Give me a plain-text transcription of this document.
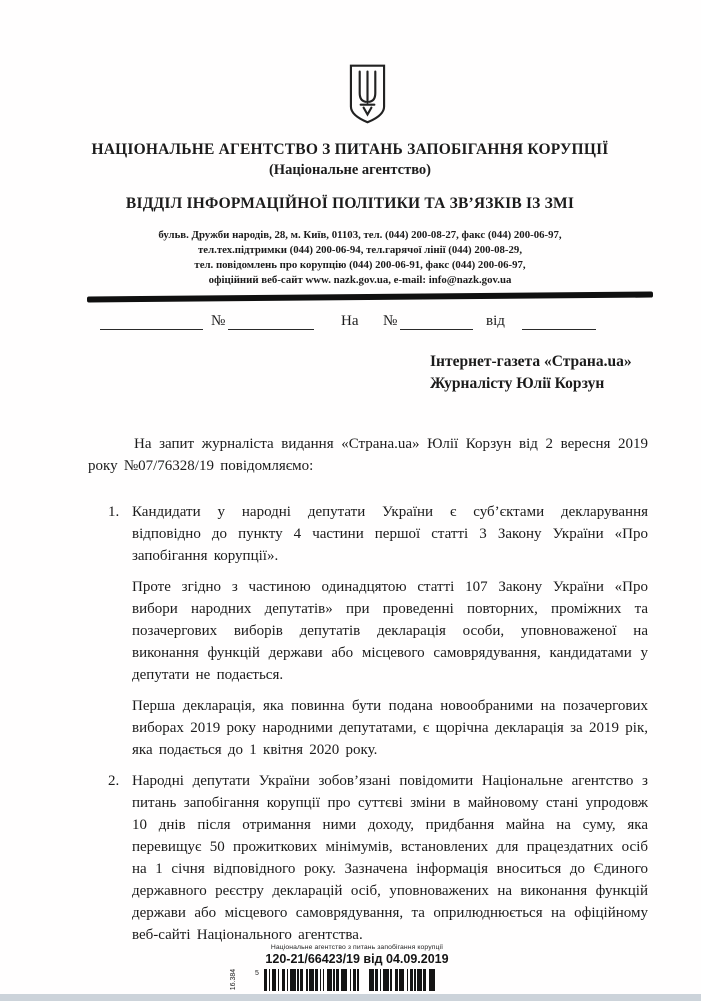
НАЦІОНАЛЬНЕ АГЕНТСТВО З ПИТАНЬ ЗАПОБІГАННЯ КОРУПЦІЇ
(Національне агентство)
ВІДДІЛ ІНФОРМАЦІЙНОЇ ПОЛІТИКИ ТА ЗВ’ЯЗКІВ ІЗ ЗМІ
бульв. Дружби народів, 28, м. Київ, 01103, тел. (044) 200-08-27, факс (044) 200-06-97,
тел.тех.підтримки (044) 200-06-94, тел.гарячої лінії (044) 200-08-29,
тел. повідомлень про корупцію (044) 200-06-91, факс (044) 200-06-97,
офіційний веб-сайт www. nazk.gov.ua, e-mail: info@nazk.gov.ua
№	На №	від
Інтернет-газета «Страна.ua»
Журналісту Юлії Корзун

На запит журналіста видання «Страна.ua» Юлії Корзун від 2 вересня 2019 року №07/76328/19 повідомляємо:

1. Кандидати у народні депутати України є суб’єктами декларування відповідно до пункту 4 частини першої статті 3 Закону України «Про запобігання корупції».

Проте згідно з частиною одинадцятою статті 107 Закону України «Про вибори народних депутатів» при проведенні повторних, проміжних та позачергових виборів депутатів декларація особи, уповноваженої на виконання функцій держави або місцевого самоврядування, кандидатами у депутати не подається.

Перша декларація, яка повинна бути подана новообраними на позачергових виборах 2019 року народними депутатами, є щорічна декларація за 2019 рік, яка подається до 1 квітня 2020 року.

2. Народні депутати України зобов’язані повідомити Національне агентство з питань запобігання корупції про суттєві зміни в майновому стані упродовж 10 днів після отримання ними доходу, придбання майна на суму, яка перевищує 50 прожиткових мінімумів, встановлених для працездатних осіб на 1 січня відповідного року. Зазначена інформація вноситься до Єдиного державного реєстру декларацій осіб, уповноважених на виконання функцій держави або місцевого самоврядування, та оприлюднюється на офіційному веб-сайті Національного агентства.

Національне агентство з питань запобігання корупції
120-21/66423/19 від 04.09.2019
16.384	5
